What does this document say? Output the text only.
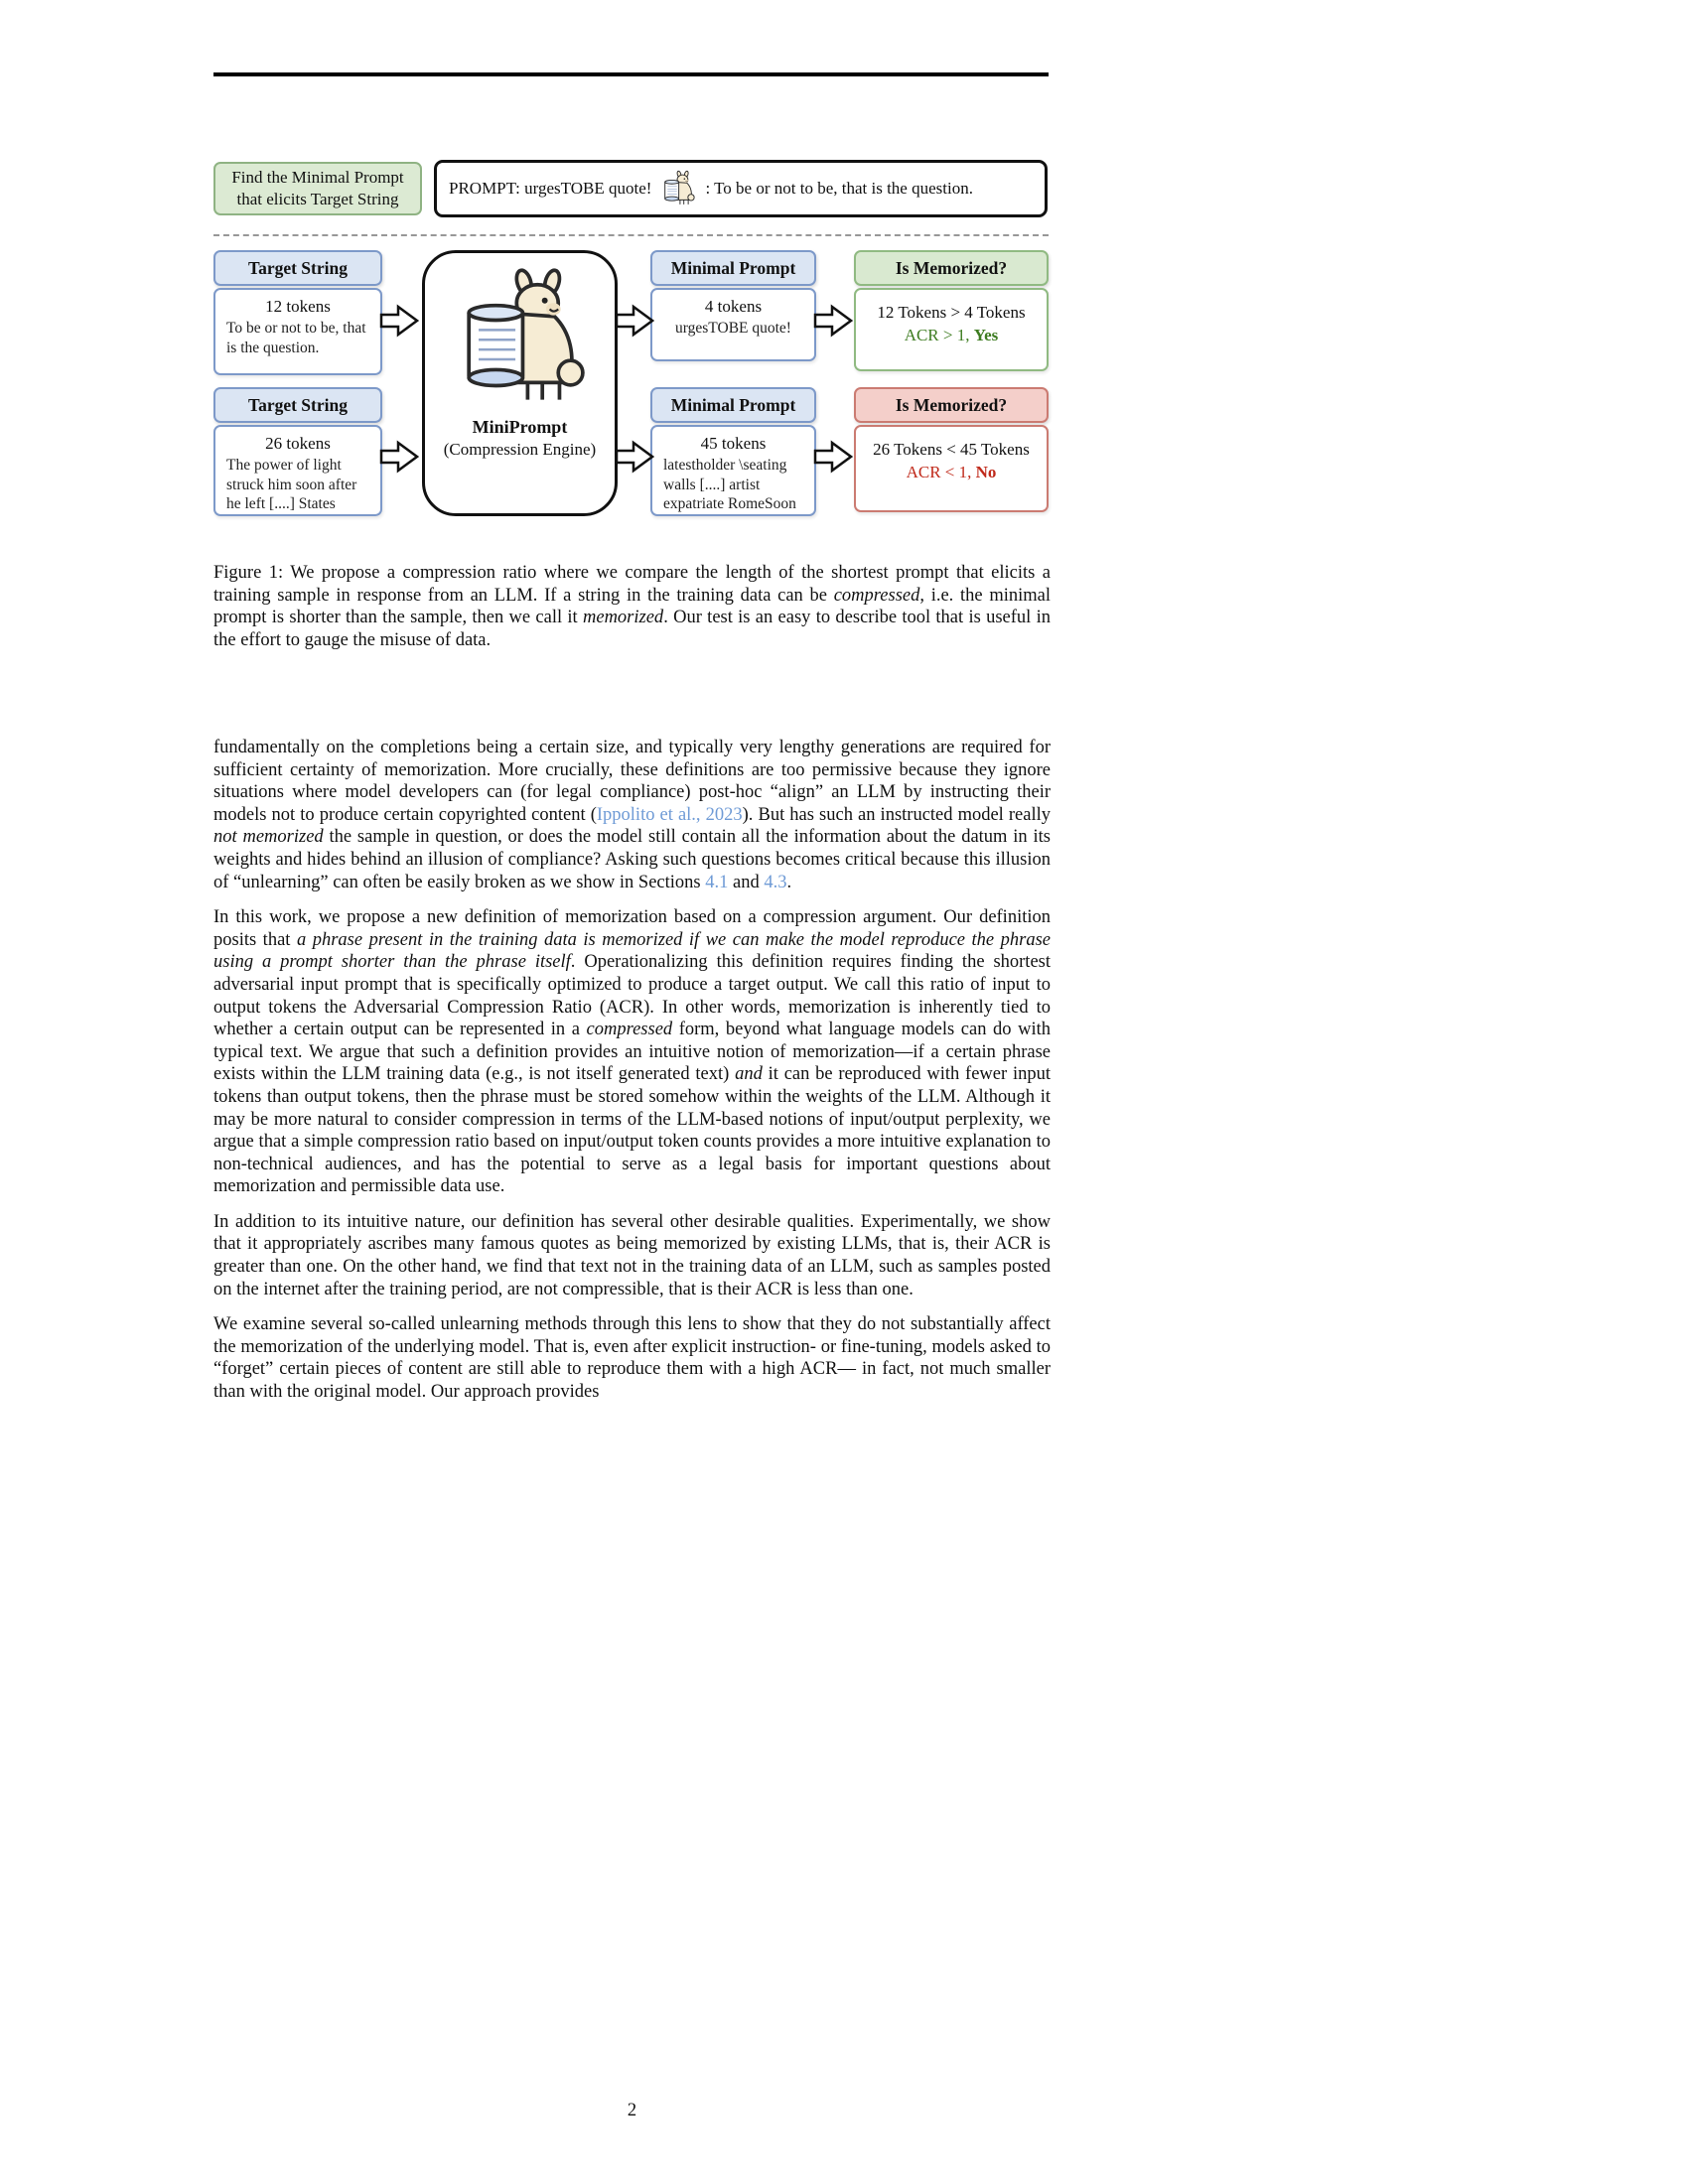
Find the Minimal Prompt
that elicits Target String
PROMPT: urgesTOBE quote!	: To be or not to be, that is the question.
Target String
12 tokens
To be or not to be, that
is the question.
MiniPrompt
(Compression Engine)
Minimal Prompt
4 tokens
urgesTOBE quote!
Is Memorized?
12 Tokens > 4 Tokens
ACR > 1, Yes
Target String
26 tokens
The power of light
struck him soon after
he left [....] States
Minimal Prompt
45 tokens
latestholder \seating
walls [....] artist
expatriate RomeSoon
Is Memorized?
26 Tokens < 45 Tokens
ACR < 1, No
Figure 1: We propose a compression ratio where we compare the length of the shortest prompt that elicits a training sample in response from an LLM. If a string in the training data can be compressed, i.e. the minimal prompt is shorter than the sample, then we call it memorized. Our test is an easy to describe tool that is useful in the effort to gauge the misuse of data.

fundamentally on the completions being a certain size, and typically very lengthy generations are required for sufficient certainty of memorization. More crucially, these definitions are too permissive because they ignore situations where model developers can (for legal compliance) post-hoc “align” an LLM by instructing their models not to produce certain copyrighted content (Ippolito et al., 2023). But has such an instructed model really not memorized the sample in question, or does the model still contain all the information about the datum in its weights and hides behind an illusion of compliance? Asking such questions becomes critical because this illusion of “unlearning” can often be easily broken as we show in Sections 4.1 and 4.3.

In this work, we propose a new definition of memorization based on a compression argument. Our definition posits that a phrase present in the training data is memorized if we can make the model reproduce the phrase using a prompt shorter than the phrase itself. Operationalizing this definition requires finding the shortest adversarial input prompt that is specifically optimized to produce a target output. We call this ratio of input to output tokens the Adversarial Compression Ratio (ACR). In other words, memorization is inherently tied to whether a certain output can be represented in a compressed form, beyond what language models can do with typical text. We argue that such a definition provides an intuitive notion of memorization—if a certain phrase exists within the LLM training data (e.g., is not itself generated text) and it can be reproduced with fewer input tokens than output tokens, then the phrase must be stored somehow within the weights of the LLM. Although it may be more natural to consider compression in terms of the LLM-based notions of input/output perplexity, we argue that a simple compression ratio based on input/output token counts provides a more intuitive explanation to non-technical audiences, and has the potential to serve as a legal basis for important questions about memorization and permissible data use.

In addition to its intuitive nature, our definition has several other desirable qualities. Experimentally, we show that it appropriately ascribes many famous quotes as being memorized by existing LLMs, that is, their ACR is greater than one. On the other hand, we find that text not in the training data of an LLM, such as samples posted on the internet after the training period, are not compressible, that is their ACR is less than one.

We examine several so-called unlearning methods through this lens to show that they do not substantially affect the memorization of the underlying model. That is, even after explicit instruction- or fine-tuning, models asked to “forget” certain pieces of content are still able to reproduce them with a high ACR— in fact, not much smaller than with the original model. Our approach provides

2
